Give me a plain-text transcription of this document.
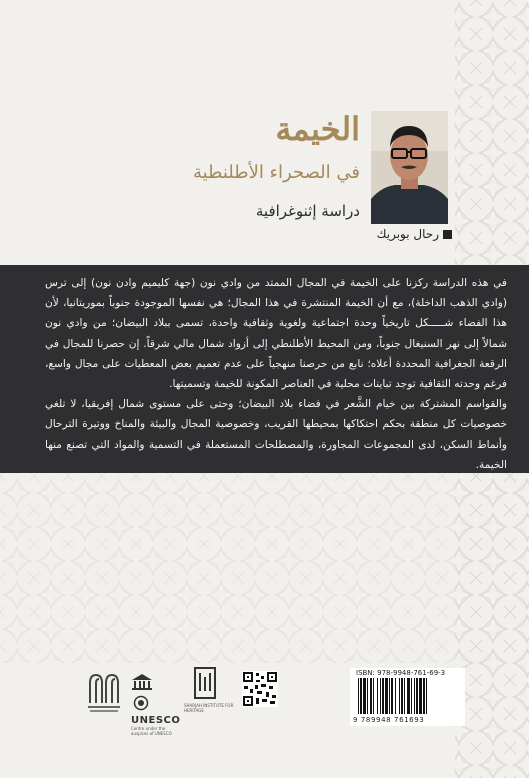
الخيمة
في الصحراء الأطلنطية
دراسة إثنوغرافية
رحال بوبريك

في هذه الدراسة ركزنا على الخيمة في المجال الممتد من وادي نون (جهة كليميم وادن نون) إلى ترس (وادي الذهب الداخلة)، مع أن الخيمة المنتشرة في هذا المجال؛ هي نفسها الموجودة جنوباً بموريتانيا، لأن هذا الفضاء شـــــكل تاريخياً وحدة اجتماعية ولغوية وثقافية واحدة، تسمى ببلاد البيضان؛ من وادي نون شمالاً إلى نهر السنيغال جنوباً، ومن المحيط الأطلنطي إلى أزواد شمال مالي شرقاً. إن حصرنا للمجال في الرقعة الجغرافية المحددة أعلاه؛ نابع من حرصنا منهجياً على عدم تعميم بعض المعطيات على مجال واسع، فرغم وحدته الثقافية توجد تباينات محلية في العناصر المكونة للخيمة وتسميتها.

والقواسم المشتركة بين خيام الشَّعر في فضاء بلاد البيضان؛ وحتى على مستوى شمال إفريقيا، لا تلغي خصوصيات كل منطقة بحكم احتكاكها بمحيطها القريب، وخصوصية المجال والبيئة والمناخ ووتيرة الترحال وأنماط السكن، لدى المجموعات المجاورة، والمصطلحات المستعملة في التسمية والمواد التي تصنع منها الخيمة.

UNESCO
Centre under the auspices of UNESCO
SHARJAH INSTITUTE FOR HERITAGE
ISBN: 978-9948-761-69-3
9 789948 761693
